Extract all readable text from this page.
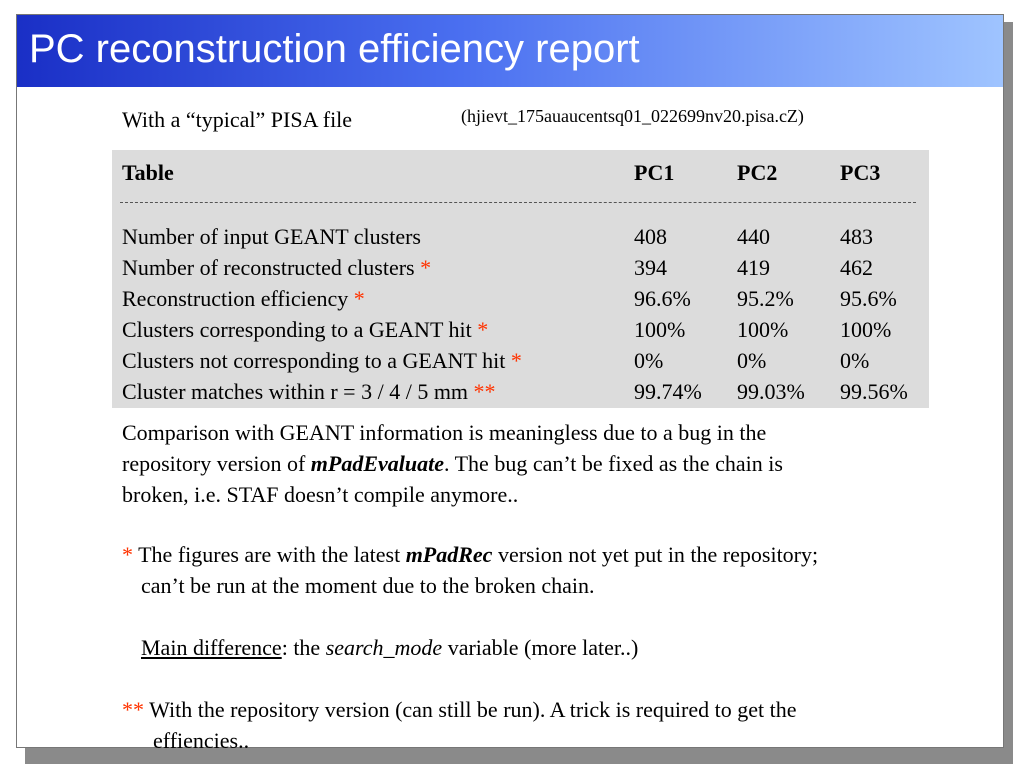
PC reconstruction efficiency report
With a “typical” PISA file	(hjievt_175auaucentsq01_022699nv20.pisa.cZ)
Table	PC1	PC2	PC3
Number of input GEANT clusters	408	440	483
Number of reconstructed clusters *	394	419	462
Reconstruction efficiency *	96.6% 95.2% 95.6%
Clusters corresponding to a GEANT hit *	100% 100% 100%
Clusters not corresponding to a GEANT hit *	0%	0%	0%
Cluster matches within r = 3 / 4 / 5 mm **	99.74% 99.03% 99.56%
Comparison with GEANT information is meaningless due to a bug in the
repository version of mPadEvaluate. The bug can’t be fixed as the chain is
broken, i.e. STAF doesn’t compile anymore..
* The figures are with the latest mPadRec version not yet put in the repository;
can’t be run at the moment due to the broken chain.
Main difference: the search_mode variable (more later..)
** With the repository version (can still be run). A trick is required to get the
effiencies..
